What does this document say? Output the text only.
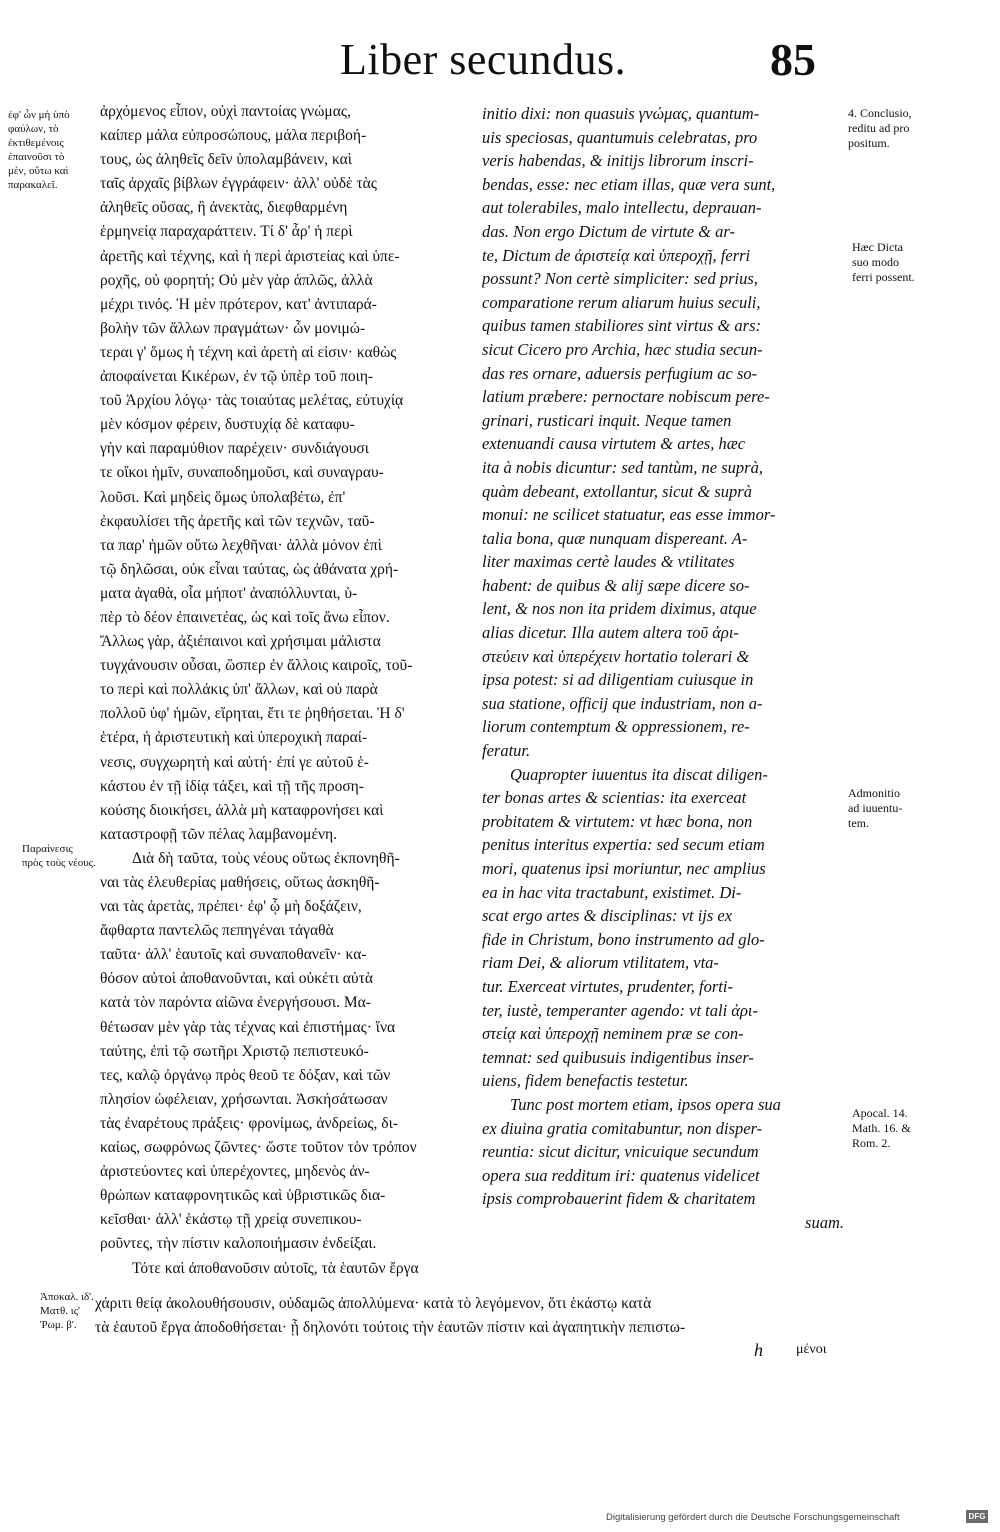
Liber secundus.	85
ἐφ' ὧν μὴ ὑπὸ
φαύλων, τὸ
ἐκτιθεμένοις
ἐπαινοῦσι τὸ
μὲν, οὕτω καὶ
παρακαλεῖ.
Παραίνεσις
πρὸς τοὺς νέους.
Ἀποκαλ. ιδ'.
Ματθ. ις'
Ῥωμ. β'.
ἀρχόμενος εἶπον, οὐχὶ παντοίας γνώμας,
καίπερ μάλα εὐπροσώπους, μάλα περιβοή-
τους, ὡς ἀληθεῖς δεῖν ὑπολαμβάνειν, καὶ
ταῖς ἀρχαῖς βίβλων ἐγγράφειν· ἀλλ' οὐδὲ τὰς
ἀληθεῖς οὔσας, ἢ ἀνεκτὰς, διεφθαρμένη
ἑρμηνείᾳ παραχαράττειν. Τί δ' ἆρ' ἡ περὶ
ἀρετῆς καὶ τέχνης, καὶ ἡ περὶ ἀριστείας καὶ ὑπε-
ροχῆς, οὐ φορητή; Οὐ μὲν γὰρ ἁπλῶς, ἀλλὰ
μέχρι τινός. Ἡ μὲν πρότερον, κατ' ἀντιπαρά-
βολὴν τῶν ἄλλων πραγμάτων· ὧν μονιμώ-
τεραι γ' ὅμως ἡ τέχνη καὶ ἀρετὴ αἱ εἰσιν· καθὼς
ἀποφαίνεται Κικέρων, ἐν τῷ ὑπὲρ τοῦ ποιη-
τοῦ Ἀρχίου λόγῳ· τὰς τοιαύτας μελέτας, εὐτυχίᾳ
μὲν κόσμον φέρειν, δυστυχίᾳ δὲ καταφυ-
γὴν καὶ παραμύθιον παρέχειν· συνδιάγουσι
τε οἴκοι ἡμῖν, συναποδημοῦσι, καὶ συναγραυ-
λοῦσι. Καὶ μηδεὶς ὅμως ὑπολαβέτω, ἐπ'
ἐκφαυλίσει τῆς ἀρετῆς καὶ τῶν τεχνῶν, ταῦ-
τα παρ' ἡμῶν οὕτω λεχθῆναι· ἀλλὰ μόνον ἐπὶ
τῷ δηλῶσαι, οὐκ εἶναι ταύτας, ὡς ἀθάνατα χρή-
ματα ἀγαθὰ, οἷα μήποτ' ἀναπόλλυνται, ὑ-
πὲρ τὸ δέον ἐπαινετέας, ὡς καὶ τοῖς ἄνω εἶπον.
Ἄλλως γὰρ, ἀξιέπαινοι καὶ χρήσιμαι μάλιστα
τυγχάνουσιν οὖσαι, ὥσπερ ἐν ἄλλοις καιροῖς, τοῦ-
το περὶ καὶ πολλάκις ὑπ' ἄλλων, καὶ οὐ παρὰ
πολλοῦ ὑφ' ἡμῶν, εἴρηται, ἔτι τε ῥηθήσεται. Ἡ δ'
ἑτέρα, ἡ ἀριστευτικὴ καὶ ὑπεροχικὴ παραί-
νεσις, συγχωρητὴ καὶ αὐτή· ἐπί γε αὐτοῦ ἑ-
κάστου ἐν τῇ ἰδίᾳ τάξει, καὶ τῇ τῆς προση-
κούσης διοικήσει, ἀλλὰ μὴ καταφρονήσει καὶ
καταστροφῇ τῶν πέλας λαμβανομένη.
Διὰ δὴ ταῦτα, τοὺς νέους οὕτως ἐκπονηθῆ-
ναι τὰς ἐλευθερίας μαθήσεις, οὕτως ἀσκηθῆ-
ναι τὰς ἀρετὰς, πρέπει· ἐφ' ᾧ μὴ δοξάζειν,
ἄφθαρτα παντελῶς πεπηγέναι τἀγαθὰ
ταῦτα· ἀλλ' ἑαυτοῖς καὶ συναποθανεῖν· κα-
θόσον αὐτοὶ ἀποθανοῦνται, καὶ οὐκέτι αὐτὰ
κατὰ τὸν παρόντα αἰῶνα ἐνεργήσουσι. Μα-
θέτωσαν μὲν γὰρ τὰς τέχνας καὶ ἐπιστήμας· ἵνα
ταύτης, ἐπὶ τῷ σωτῆρι Χριστῷ πεπιστευκό-
τες, καλῷ ὀργάνῳ πρὸς θεοῦ τε δόξαν, καὶ τῶν
πλησίον ὠφέλειαν, χρήσωνται. Ἀσκήσάτωσαν
τὰς ἐναρέτους πράξεις· φρονίμως, ἀνδρείως, δι-
καίως, σωφρόνως ζῶντες· ὥστε τοῦτον τὸν τρόπον
ἀριστεύοντες καὶ ὑπερέχοντες, μηδενὸς ἀν-
θρώπων καταφρονητικῶς καὶ ὑβριστικῶς δια-
κεῖσθαι· ἀλλ' ἑκάστῳ τῇ χρείᾳ συνεπικου-
ροῦντες, τὴν πίστιν καλοποιήμασιν ἐνδείξαι.
Τότε καὶ ἀποθανοῦσιν αὐτοῖς, τὰ ἑαυτῶν ἔργα
initio dixi: non quasuis γνώμας, quantum-
uis speciosas, quantumuis celebratas, pro
veris habendas, & initijs librorum inscri-
bendas, esse: nec etiam illas, quæ vera sunt,
aut tolerabiles, malo intellectu, deprauan-
das. Non ergo Dictum de virtute & ar-
te, Dictum de ἀριστείᾳ καὶ ὑπεροχῇ, ferri
possunt? Non certè simpliciter: sed prius,
comparatione rerum aliarum huius seculi,
quibus tamen stabiliores sint virtus & ars:
sicut Cicero pro Archia, hæc studia secun-
das res ornare, aduersis perfugium ac so-
latium præbere: pernoctare nobiscum pere-
grinari, rusticari inquit. Neque tamen
extenuandi causa virtutem & artes, hæc
ita à nobis dicuntur: sed tantùm, ne suprà,
quàm debeant, extollantur, sicut & suprà
monui: ne scilicet statuatur, eas esse immor-
talia bona, quæ nunquam dispereant. A-
liter maximas certè laudes & vtilitates
habent: de quibus & alij sæpe dicere so-
lent, & nos non ita pridem diximus, atque
alias dicetur. Illa autem altera τοῦ ἀρι-
στεύειν καὶ ὑπερέχειν hortatio tolerari &
ipsa potest: si ad diligentiam cuiusque in
sua statione, officij que industriam, non a-
liorum contemptum & oppressionem, re-
feratur.
Quapropter iuuentus ita discat diligen-
ter bonas artes & scientias: ita exerceat
probitatem & virtutem: vt hæc bona, non
penitus interitus expertia: sed secum etiam
mori, quatenus ipsi moriuntur, nec amplius
ea in hac vita tractabunt, existimet. Di-
scat ergo artes & disciplinas: vt ijs ex
fide in Christum, bono instrumento ad glo-
riam Dei, & aliorum vtilitatem, vta-
tur. Exerceat virtutes, prudenter, forti-
ter, iustè, temperanter agendo: vt tali ἀρι-
στείᾳ καὶ ὑπεροχῇ neminem præ se con-
temnat: sed quibusuis indigentibus inser-
uiens, fidem benefactis testetur.
Tunc post mortem etiam, ipsos opera sua
ex diuina gratia comitabuntur, non disper-
reuntia: sicut dicitur, vnicuique secundum
opera sua redditum iri: quatenus videlicet
ipsis comprobauerint fidem & charitatem
suam.
4. Conclusio,
reditu ad pro
positum.
Hæc Dicta
suo modo
ferri possent.
Admonitio
ad iuuentu-
tem.
Apocal. 14.
Math. 16. &
Rom. 2.
χάριτι θείᾳ ἀκολουθήσουσιν, οὐδαμῶς ἀπολλύμενα· κατὰ τὸ λεγόμενον, ὅτι ἑκάστῳ κατὰ
τὰ ἑαυτοῦ ἔργα ἀποδοθήσεται· ᾗ δηλονότι τούτοις τὴν ἑαυτῶν πίστιν καὶ ἀγαπητικὴν πεπιστω-
h μένοι
Digitalisierung gefördert durch die Deutsche Forschungsgemeinschaft	DFG
